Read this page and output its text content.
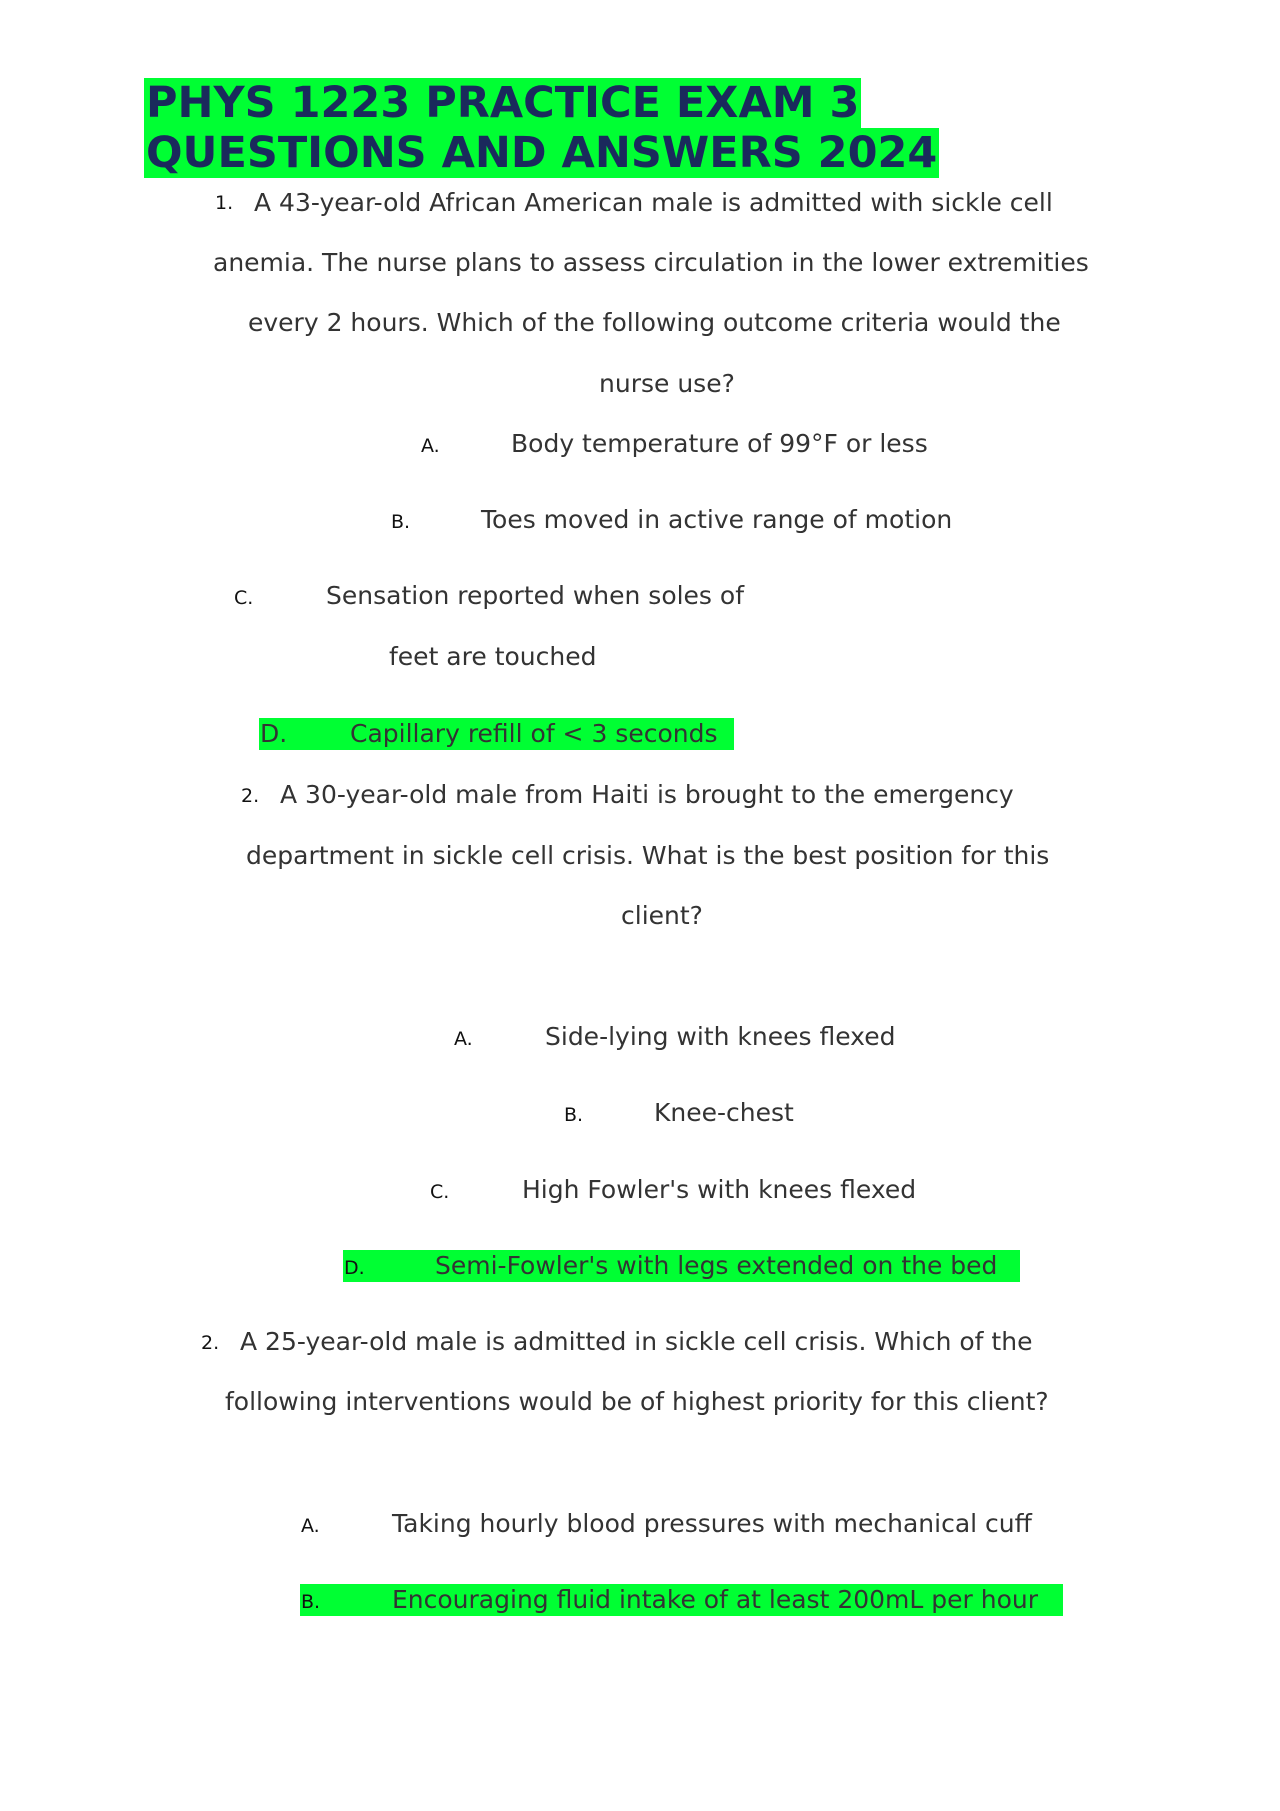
PHYS 1223 PRACTICE EXAM 3
QUESTIONS AND ANSWERS 2024
1. A 43-year-old African American male is admitted with sickle cell
anemia. The nurse plans to assess circulation in the lower extremities
every 2 hours. Which of the following outcome criteria would the
nurse use?
A.	Body temperature of 99°F or less
B.	Toes moved in active range of motion
C.	Sensation reported when soles of
feet are touched
D.	Capillary refill of < 3 seconds
2. A 30-year-old male from Haiti is brought to the emergency
department in sickle cell crisis. What is the best position for this
client?
A.	Side-lying with knees flexed
B.	Knee-chest
C.	High Fowler's with knees flexed
D.	Semi-Fowler's with legs extended on the bed
2. A 25-year-old male is admitted in sickle cell crisis. Which of the
following interventions would be of highest priority for this client?
A.	Taking hourly blood pressures with mechanical cuff
B.	Encouraging fluid intake of at least 200mL per hour
